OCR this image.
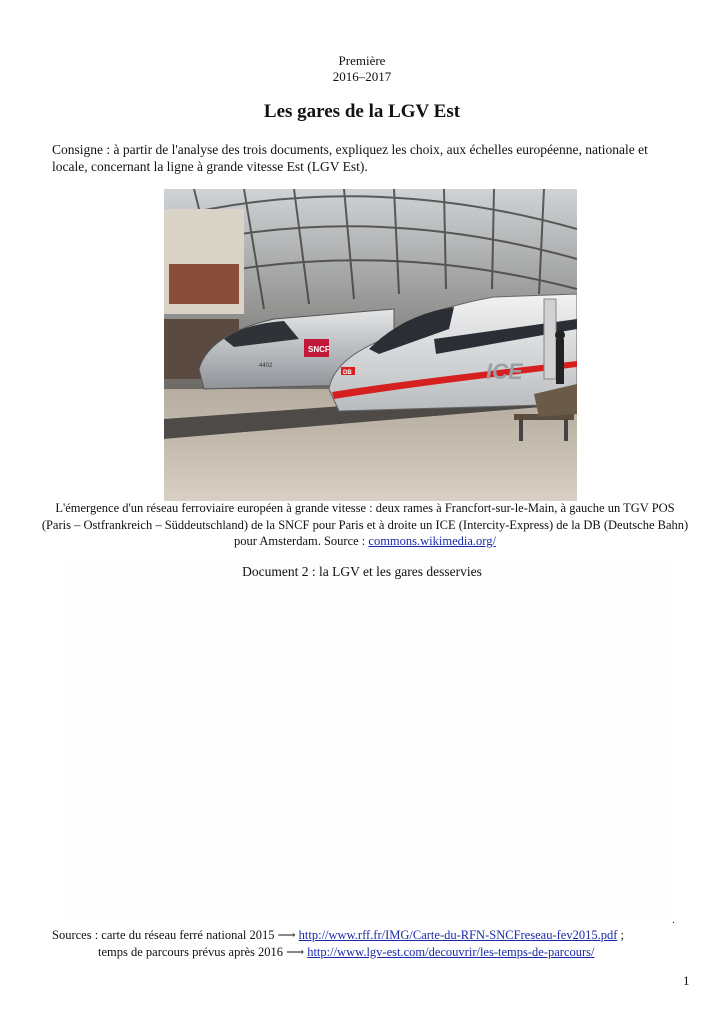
Première
2016–2017
Les gares de la LGV Est
Consigne : à partir de l'analyse des trois documents, expliquez les choix, aux échelles européenne, nationale et locale, concernant la ligne à grande vitesse Est (LGV Est).
SNCF
4402	ICE
DB
L'émergence d'un réseau ferroviaire européen à grande vitesse : deux rames à Francfort-sur-le-Main, à gauche un TGV POS (Paris – Ostfrankreich – Süddeutschland) de la SNCF pour Paris et à droite un ICE (Intercity-Express) de la DB (Deutsche Bahn) pour Amsterdam. Source : commons.wikimedia.org/
Document 2 : la LGV et les gares desservies
.
Sources : carte du réseau ferré national 2015 ⟶ http://www.rff.fr/IMG/Carte-du-RFN-SNCFreseau-fev2015.pdf ;
temps de parcours prévus après 2016 ⟶ http://www.lgv-est.com/decouvrir/les-temps-de-parcours/
1
